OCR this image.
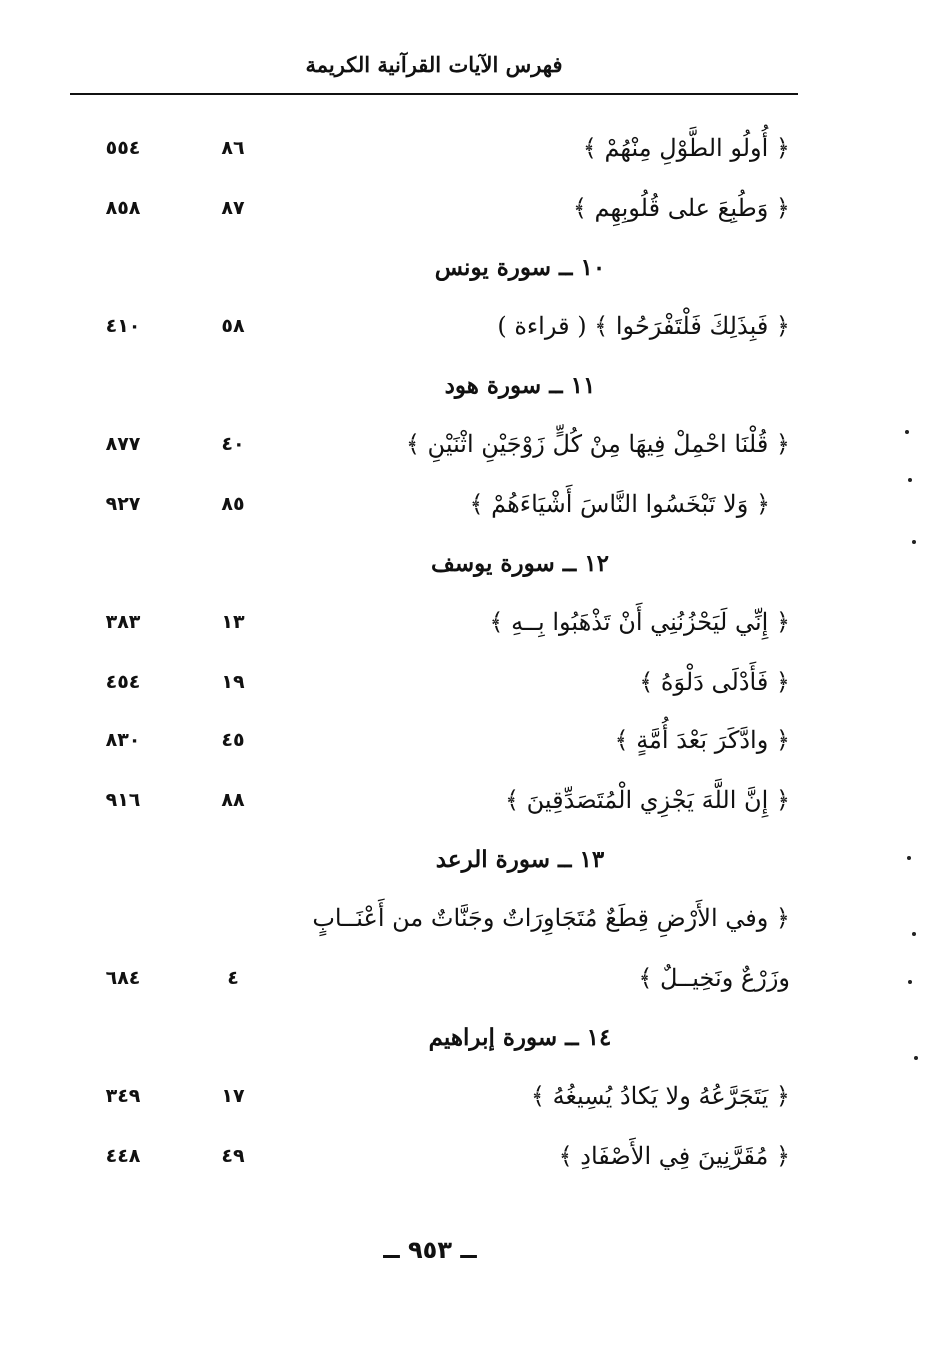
فهرس الآيات القرآنية الكريمة
﴿ أُولُو الطَّوْلِ مِنْهُمْ ﴾
٨٦
٥٥٤
﴿ وَطُبِعَ على قُلُوبِهِم ﴾
٨٧
٨٥٨
١٠ ــ سورة يونس
﴿ فَبِذَلِكَ فَلْتَفْرَحُوا ﴾ ( قراءة )
٥٨
٤١٠
١١ ــ سورة هود
﴿ قُلْنَا احْمِلْ فِيهَا مِنْ كُلٍّ زَوْجَيْنِ اثْنَيْنِ ﴾
٤٠
٨٧٧
﴿ وَلا تَبْخَسُوا النَّاسَ أَشْيَاءَهُمْ ﴾
٨٥
٩٢٧
١٢ ــ سورة يوسف
﴿ إِنِّي لَيَحْزُنُنِي أَنْ تَذْهَبُوا بِــهِ ﴾
١٣
٣٨٣
﴿ فَأَدْلَى دَلْوَهُ ﴾
١٩
٤٥٤
﴿ وادَّكَرَ بَعْدَ أُمَّةٍ ﴾
٤٥
٨٣٠
﴿ إِنَّ اللَّهَ يَجْزِي الْمُتَصَدِّقِينَ ﴾
٨٨
٩١٦
١٣ ــ سورة الرعد
﴿ وفي الأَرْضِ قِطَعٌ مُتَجَاوِرَاتٌ وجَنَّاتٌ من أَعْنَــابٍ
وزَرْعٌ ونَخِيــلٌ ﴾
٤
٦٨٤
١٤ ــ سورة إبراهيم
﴿ يَتَجَرَّعُهُ ولا يَكادُ يُسِيغُهُ ﴾
١٧
٣٤٩
﴿ مُقَرَّنِينَ فِي الأَصْفَادِ ﴾
٤٩
٤٤٨
ــ ٩٥٣ ــ
